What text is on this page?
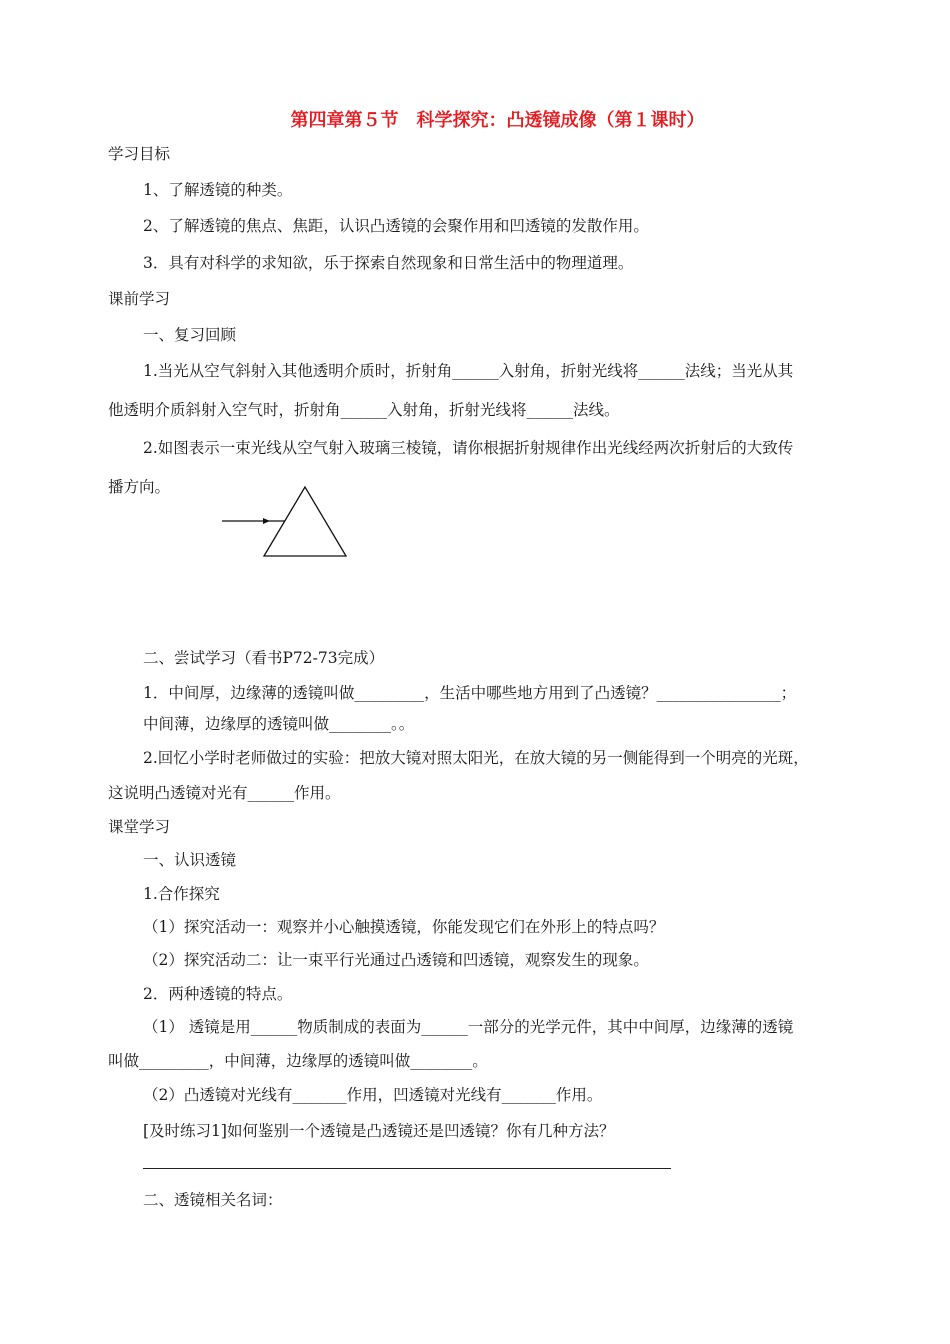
第四章第５节　科学探究：凸透镜成像（第１课时）
学习目标
1、了解透镜的种类。
2、了解透镜的焦点、焦距，认识凸透镜的会聚作用和凹透镜的发散作用。
3．具有对科学的求知欲，乐于探索自然现象和日常生活中的物理道理。
课前学习
一、复习回顾
1.当光从空气斜射入其他透明介质时，折射角______入射角，折射光线将______法线；当光从其
他透明介质斜射入空气时，折射角______入射角，折射光线将______法线。
2.如图表示一束光线从空气射入玻璃三棱镜，请你根据折射规律作出光线经两次折射后的大致传
播方向。
二、尝试学习（看书P72-73完成）
1．中间厚，边缘薄的透镜叫做_________，生活中哪些地方用到了凸透镜？________________；
中间薄，边缘厚的透镜叫做________。。
2.回忆小学时老师做过的实验：把放大镜对照太阳光，在放大镜的另一侧能得到一个明亮的光斑，
这说明凸透镜对光有______作用。
课堂学习
一、认识透镜
1.合作探究
（1）探究活动一：观察并小心触摸透镜，你能发现它们在外形上的特点吗？
（2）探究活动二：让一束平行光通过凸透镜和凹透镜，观察发生的现象。
2．两种透镜的特点。
（1） 透镜是用______物质制成的表面为______一部分的光学元件，其中中间厚，边缘薄的透镜
叫做_________，中间薄，边缘厚的透镜叫做________。
（2）凸透镜对光线有_______作用，凹透镜对光线有_______作用。
[及时练习1]如何鉴别一个透镜是凸透镜还是凹透镜？你有几种方法？
二、透镜相关名词：
